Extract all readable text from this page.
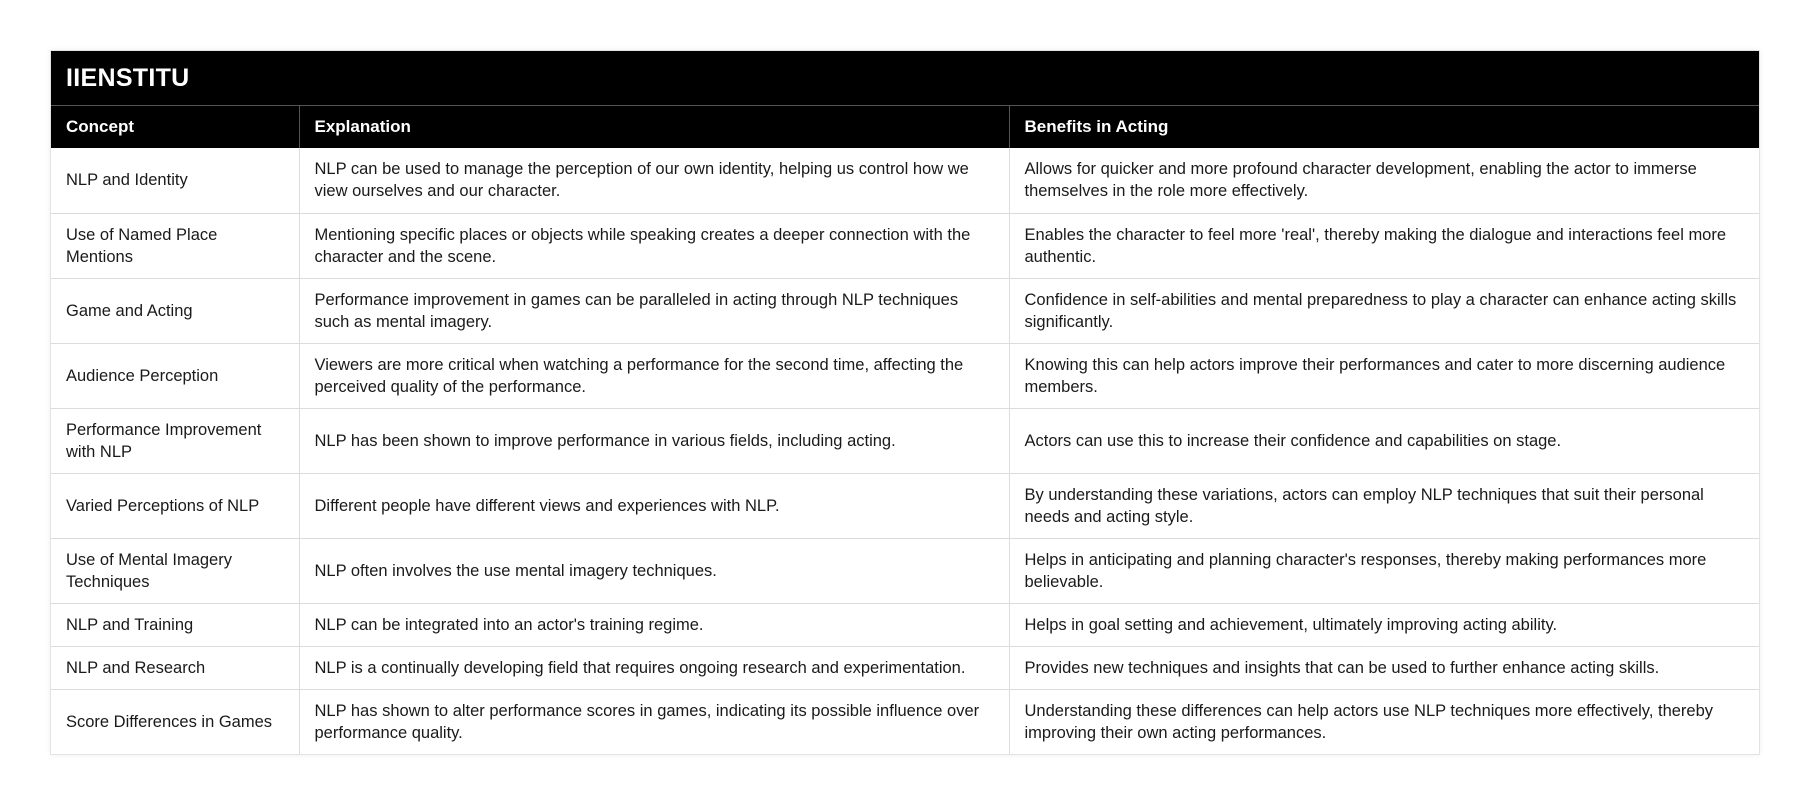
IIENSTITU
Concept	Explanation	Benefits in Acting
NLP and Identity	NLP can be used to manage the perception of our own identity, helping us control how we view ourselves and our character.	Allows for quicker and more profound character development, enabling the actor to immerse themselves in the role more effectively.
Use of Named Place Mentions	Mentioning specific places or objects while speaking creates a deeper connection with the character and the scene.	Enables the character to feel more 'real', thereby making the dialogue and interactions feel more authentic.
Game and Acting	Performance improvement in games can be paralleled in acting through NLP techniques such as mental imagery.	Confidence in self-abilities and mental preparedness to play a character can enhance acting skills significantly.
Audience Perception	Viewers are more critical when watching a performance for the second time, affecting the perceived quality of the performance.	Knowing this can help actors improve their performances and cater to more discerning audience members.
Performance Improvement with NLP	NLP has been shown to improve performance in various fields, including acting.	Actors can use this to increase their confidence and capabilities on stage.
Varied Perceptions of NLP	Different people have different views and experiences with NLP.	By understanding these variations, actors can employ NLP techniques that suit their personal needs and acting style.
Use of Mental Imagery Techniques	NLP often involves the use mental imagery techniques.	Helps in anticipating and planning character's responses, thereby making performances more believable.
NLP and Training	NLP can be integrated into an actor's training regime.	Helps in goal setting and achievement, ultimately improving acting ability.
NLP and Research	NLP is a continually developing field that requires ongoing research and experimentation.	Provides new techniques and insights that can be used to further enhance acting skills.
Score Differences in Games	NLP has shown to alter performance scores in games, indicating its possible influence over performance quality.	Understanding these differences can help actors use NLP techniques more effectively, thereby improving their own acting performances.
